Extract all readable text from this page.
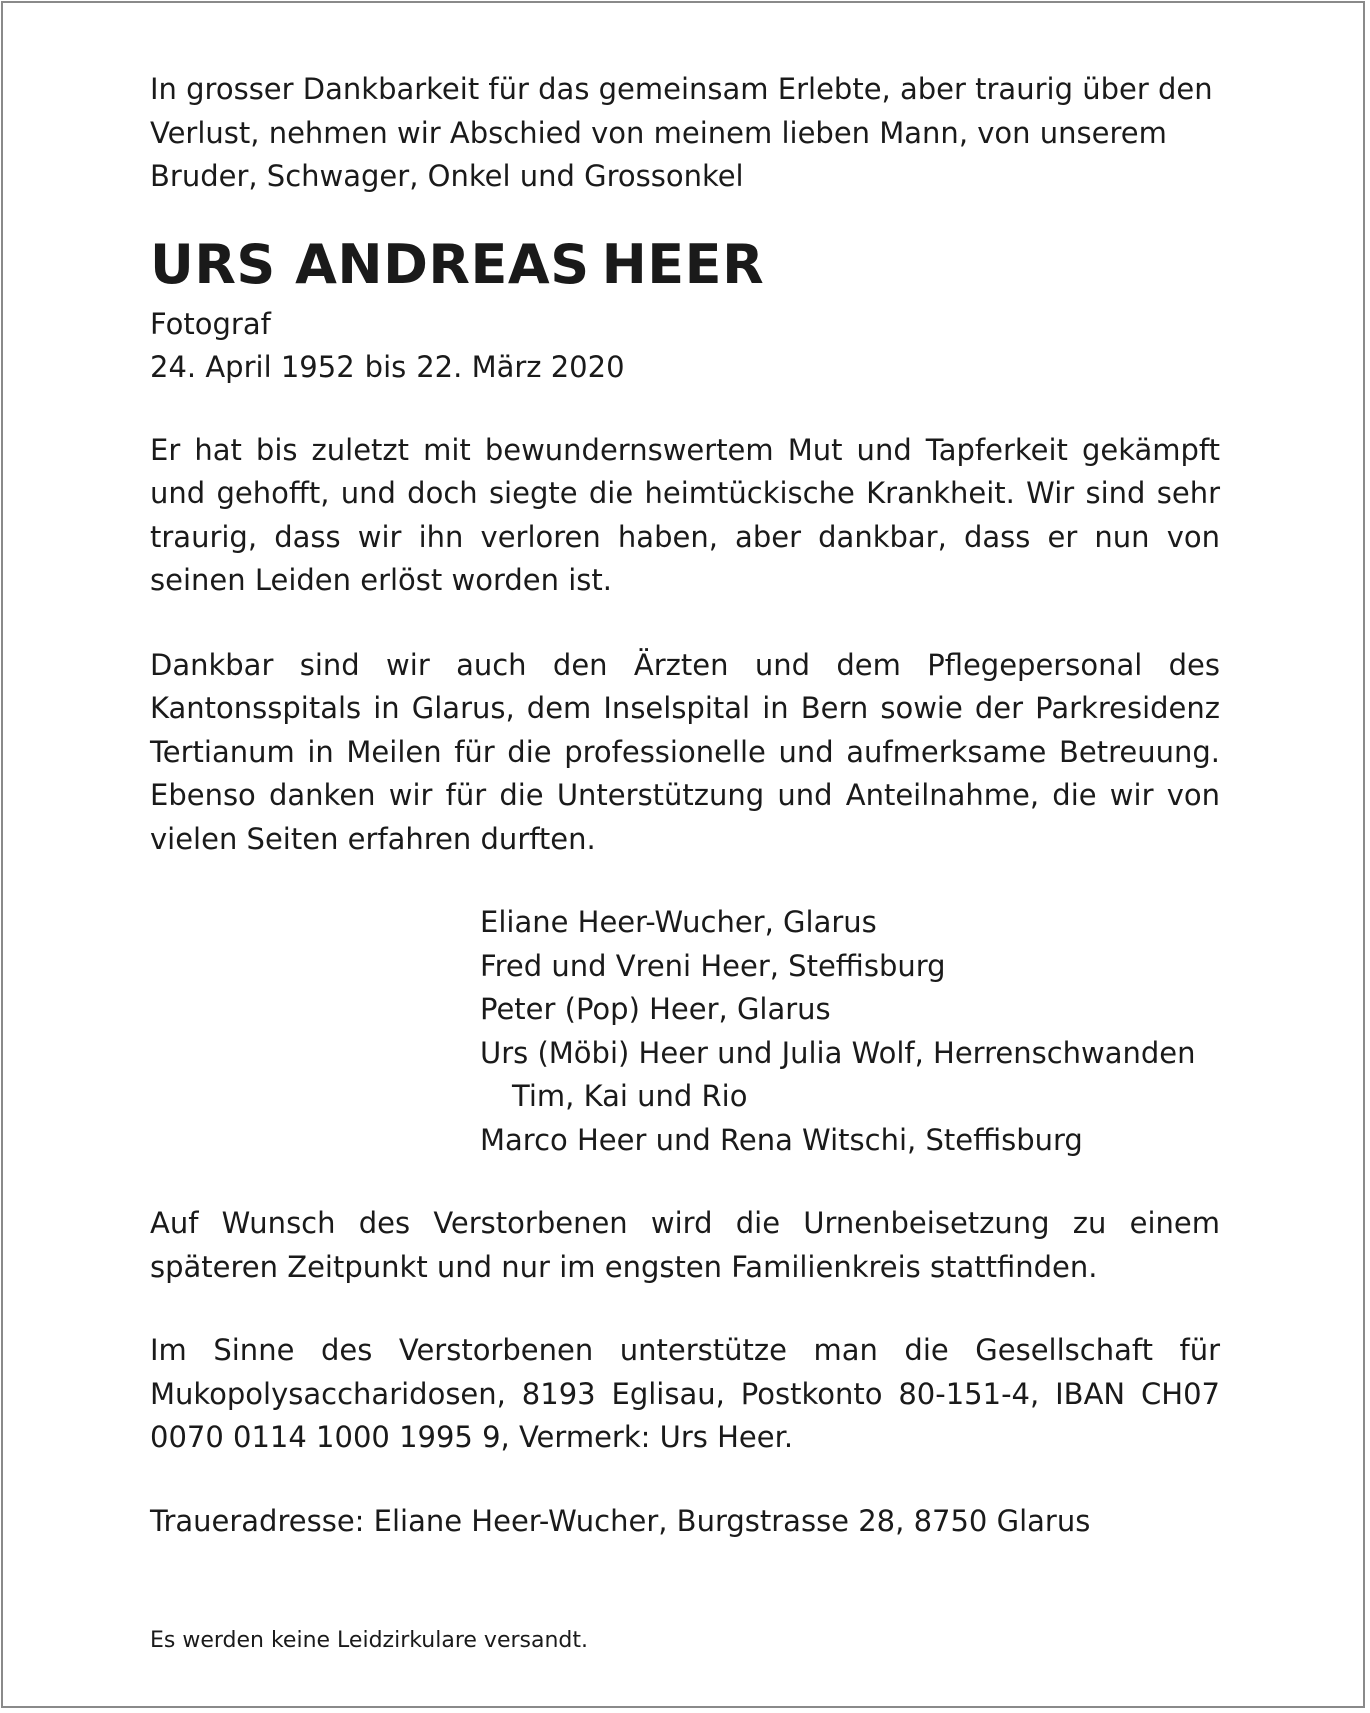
In grosser Dankbarkeit für das gemeinsam Erlebte, aber traurig über den Verlust, nehmen wir Abschied von meinem lieben Mann, von unserem Bruder, Schwager, Onkel und Grossonkel

URS ANDREAS HEER

Fotograf

24. April 1952 bis 22. März 2020

Er hat bis zuletzt mit bewundernswertem Mut und Tapferkeit gekämpft und gehofft, und doch siegte die heimtückische Krankheit. Wir sind sehr traurig, dass wir ihn verloren haben, aber dankbar, dass er nun von seinen Leiden erlöst worden ist.

Dankbar sind wir auch den Ärzten und dem Pflegepersonal des Kantonsspitals in Glarus, dem Inselspital in Bern sowie der Parkresidenz Tertianum in Meilen für die professionelle und aufmerksame Betreuung. Ebenso danken wir für die Unterstützung und Anteilnahme, die wir von vielen Seiten erfahren durften.

Eliane Heer-Wucher, Glarus
Fred und Vreni Heer, Steffisburg
Peter (Pop) Heer, Glarus
Urs (Möbi) Heer und Julia Wolf, Herrenschwanden
Tim, Kai und Rio
Marco Heer und Rena Witschi, Steffisburg

Auf Wunsch des Verstorbenen wird die Urnenbeisetzung zu einem späteren Zeitpunkt und nur im engsten Familienkreis stattfinden.

Im Sinne des Verstorbenen unterstütze man die Gesellschaft für Mukopolysaccharidosen, 8193 Eglisau, Postkonto 80-151-4, IBAN CH07 0070 0114 1000 1995 9, Vermerk: Urs Heer.

Traueradresse: Eliane Heer-Wucher, Burgstrasse 28, 8750 Glarus

Es werden keine Leidzirkulare versandt.
